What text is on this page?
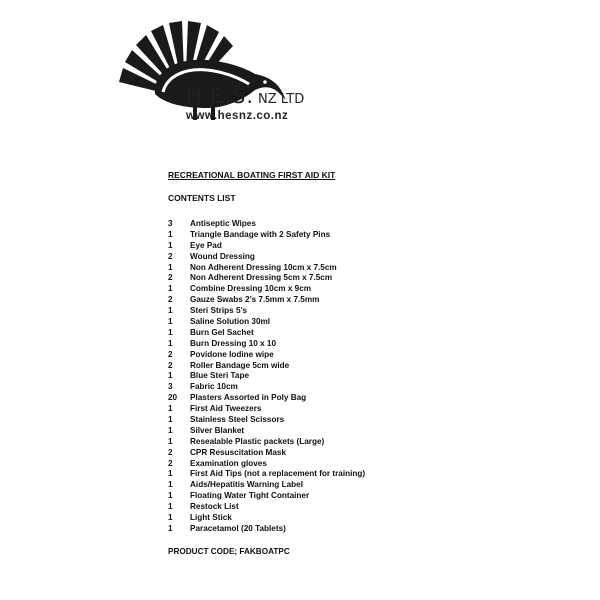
H.E.S. NZ LTD
www.hesnz.co.nz
RECREATIONAL BOATING FIRST AID KIT
CONTENTS LIST
3	Antiseptic Wipes
1	Triangle Bandage with 2 Safety Pins
1	Eye Pad
2	Wound Dressing
1	Non Adherent Dressing 10cm x 7.5cm
2	Non Adherent Dressing 5cm x 7.5cm
1	Combine Dressing 10cm x 9cm
2	Gauze Swabs 2’s 7.5mm x 7.5mm
1	Steri Strips 5’s
1	Saline Solution 30ml
1	Burn Gel Sachet
1	Burn Dressing 10 x 10
2	Povidone Iodine wipe
2	Roller Bandage 5cm wide
1	Blue Steri Tape
3	Fabric 10cm
20	Plasters Assorted in Poly Bag
1	First Aid Tweezers
1	Stainless Steel Scissors
1	Silver Blanket
1	Resealable Plastic packets (Large)
2	CPR Resuscitation Mask
2	Examination gloves
1	First Aid Tips (not a replacement for training)
1	Aids/Hepatitis Warning Label
1	Floating Water Tight Container
1	Restock List
1	Light Stick
1	Paracetamol (20 Tablets)
PRODUCT CODE; FAKBOATPC
